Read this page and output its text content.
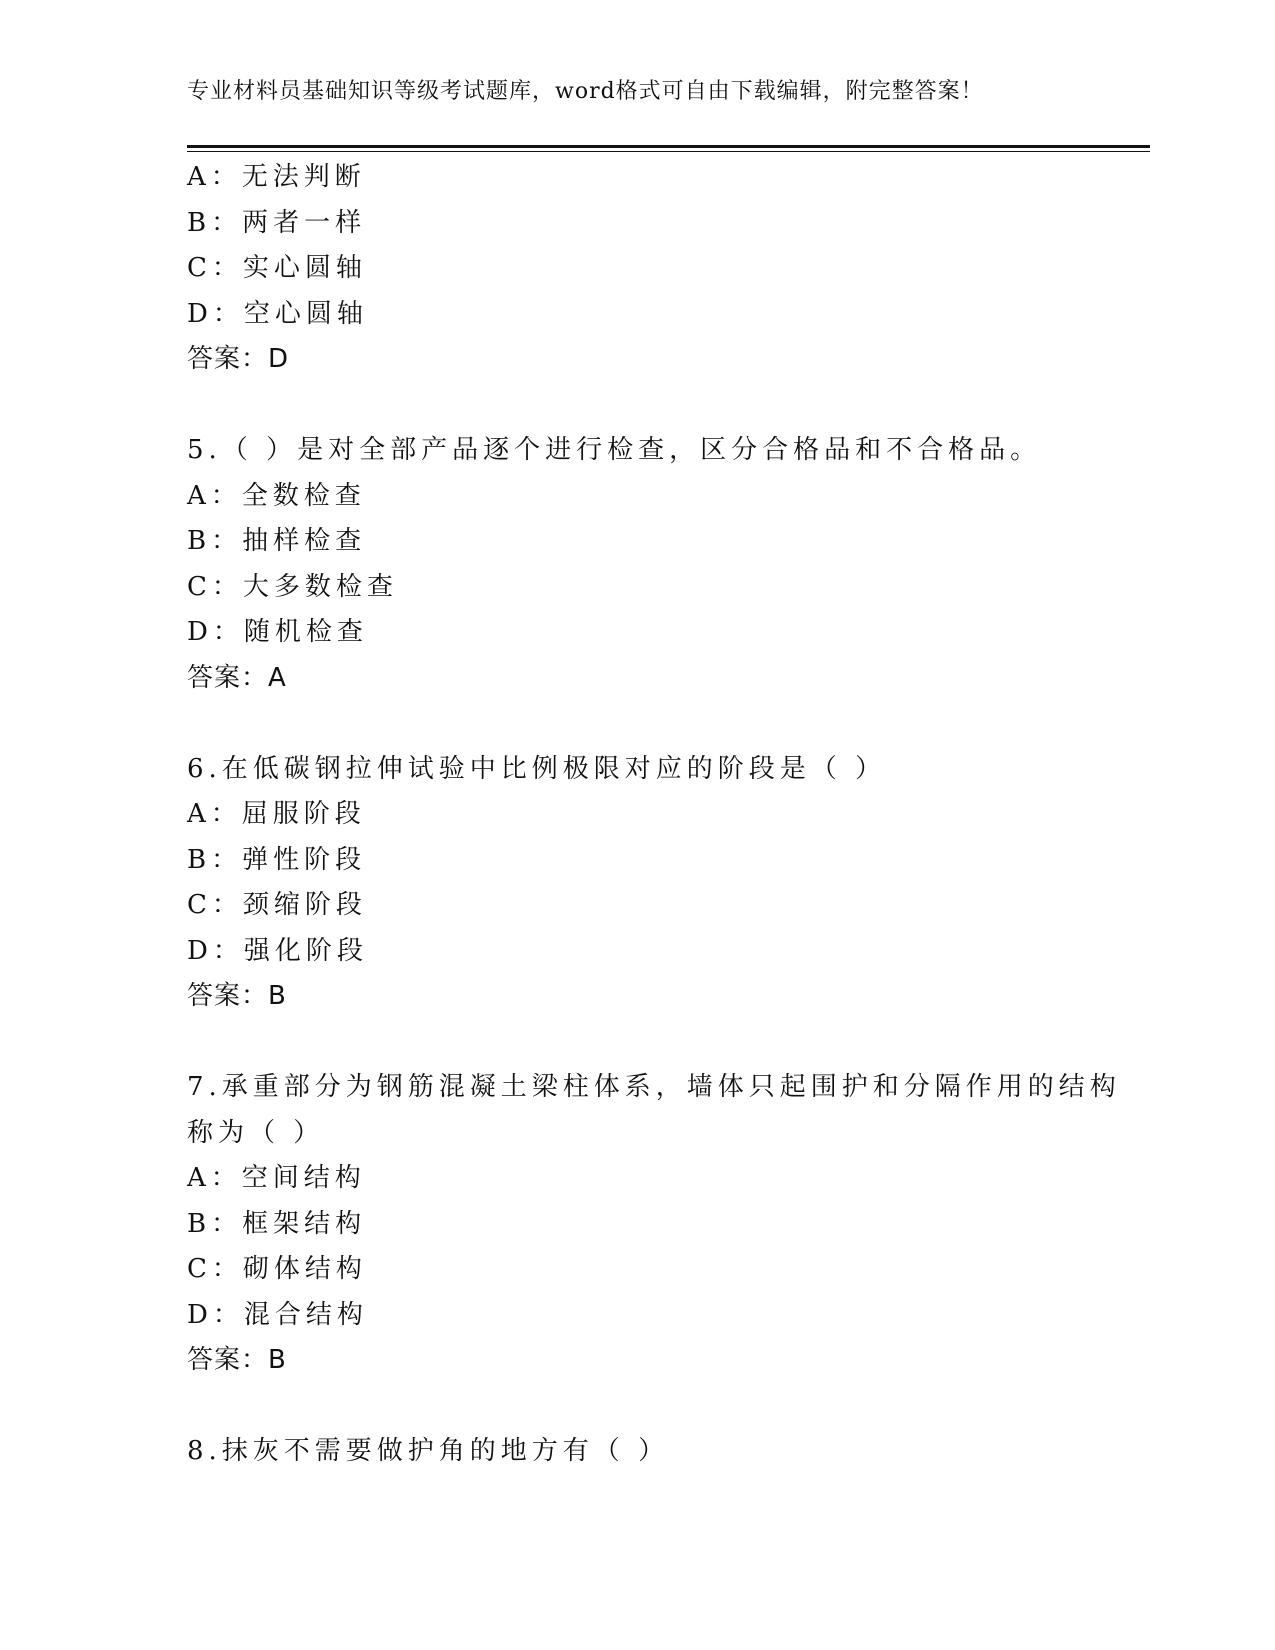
专业材料员基础知识等级考试题库，word格式可自由下载编辑，附完整答案！
A：无法判断
B：两者一样
C：实心圆轴
D：空心圆轴
答案：D
5.（ ）是对全部产品逐个进行检查，区分合格品和不合格品。
A：全数检查
B：抽样检查
C：大多数检查
D：随机检查
答案：A
6.在低碳钢拉伸试验中比例极限对应的阶段是（ ）
A：屈服阶段
B：弹性阶段
C：颈缩阶段
D：强化阶段
答案：B
7.承重部分为钢筋混凝土梁柱体系，墙体只起围护和分隔作用的结构
称为（ ）
A：空间结构
B：框架结构
C：砌体结构
D：混合结构
答案：B
8.抹灰不需要做护角的地方有（ ）
